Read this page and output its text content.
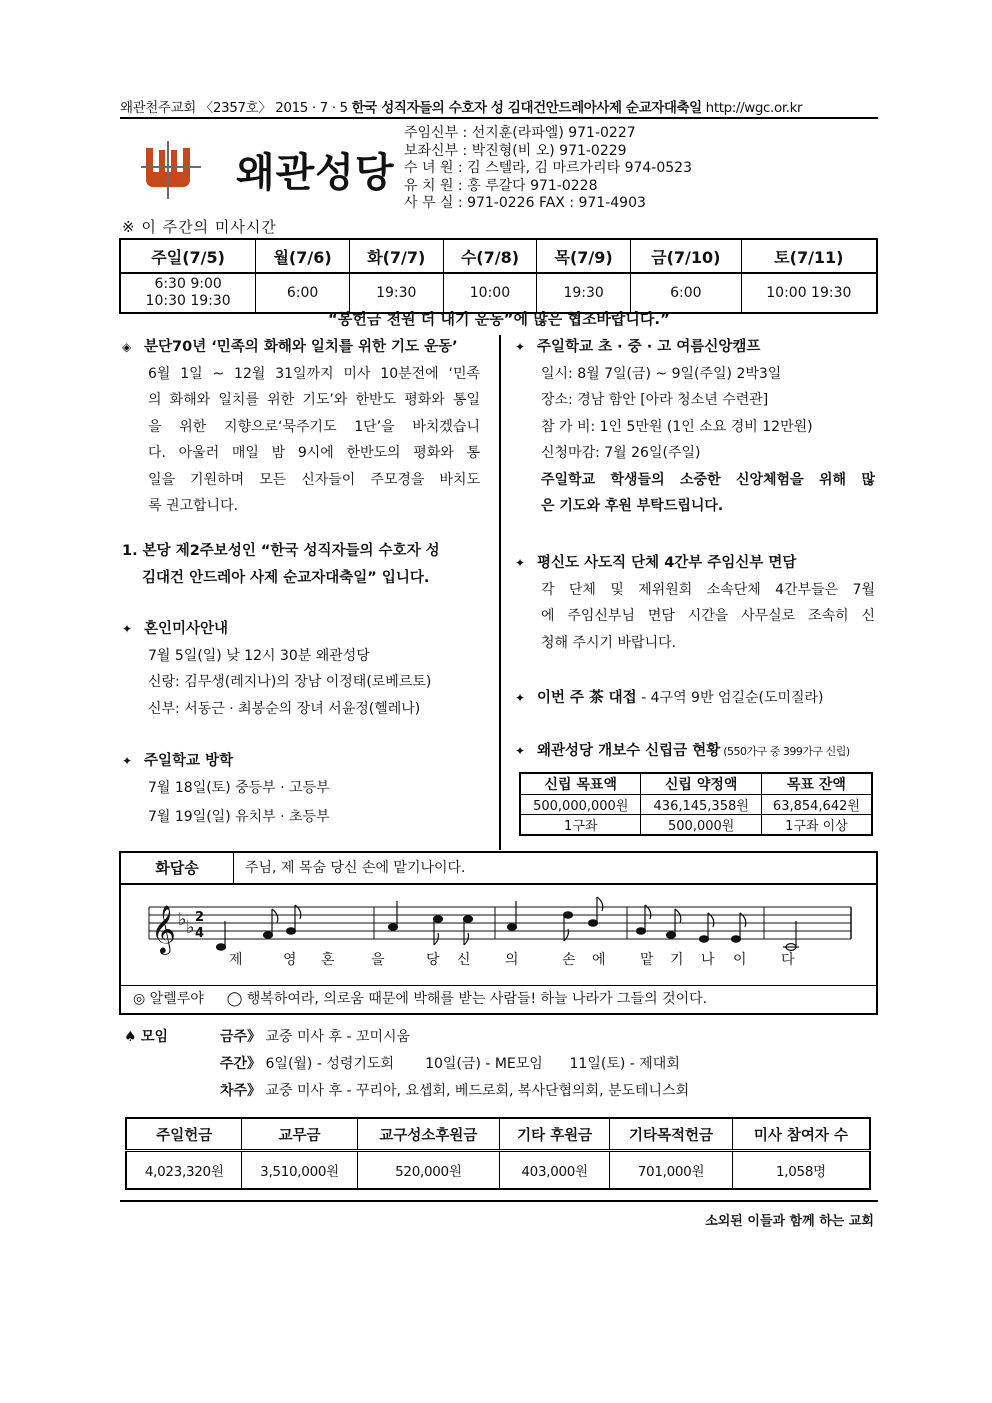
왜관천주교회 〈2357호〉 2015 · 7 · 5 한국 성직자들의 수호자 성 김대건안드레아사제 순교자대축일 http://wgc.or.kr
왜관성당
주임신부 : 선지훈(라파엘) 971-0227
보좌신부 : 박진형(비 오) 971-0229
수 녀 원 : 김 스텔라, 김 마르가리타 974-0523
유 치 원 : 홍 루갈다 971-0228
사 무 실 : 971-0226 FAX : 971-4903
※ 이 주간의 미사시간
주일(7/5)	월(7/6)	화(7/7)	수(7/8)	목(7/9)	금(7/10)	토(7/11)

6:30 9:00
10:30 19:30	6:00	19:30	10:00	19:30	6:00	10:00 19:30
“봉헌금 천원 더 내기 운동”에 많은 협조바랍니다.”

◈ 분단70년 ‘민족의 화해와 일치를 위한 기도 운동’

6월 1일 ~ 12월 31일까지 미사 10분전에 ‘민족

의 화해와 일치를 위한 기도’와 한반도 평화와 통일

을 위한 지향으로‘묵주기도 1단’을 바치겠습니

다. 아울러 매일 밤 9시에 한반도의 평화와 통

일을 기원하며 모든 신자들이 주모경을 바치도

록 권고합니다.

1. 본당 제2주보성인 “한국 성직자들의 수호자 성

김대건 안드레아 사제 순교자대축일” 입니다.

✦ 혼인미사안내

7월 5일(일) 낮 12시 30분 왜관성당

신랑: 김무생(레지나)의 장남 이정태(로베르토)

신부: 서동근 · 최봉순의 장녀 서윤정(헬레나)

✦ 주일학교 방학

7월 18일(토) 중등부 · 고등부

7월 19일(일) 유치부 · 초등부

✦ 주일학교 초 · 중 · 고 여름신앙캠프

일시: 8월 7일(금) ~ 9일(주일) 2박3일

장소: 경남 함안 [아라 청소년 수련관]

참 가 비: 1인 5만원 (1인 소요 경비 12만원)

신청마감: 7월 26일(주일)

주일학교 학생들의 소중한 신앙체험을 위해 많

은 기도와 후원 부탁드립니다.

✦ 평신도 사도직 단체 4간부 주임신부 면담

각 단체 및 제위원회 소속단체 4간부들은 7월

에 주임신부님 면담 시간을 사무실로 조속히 신

청해 주시기 바랍니다.

✦ 이번 주 茶 대접 - 4구역 9반 엄길순(도미질라)

✦ 왜관성당 개보수 신립금 현황 (550가구 중 399가구 신립)

신립 목표액	신립 약정액	목표 잔액
500,000,000원	436,145,358원	63,854,642원
1구좌	500,000원	1구좌 이상
화답송	주님, 제 목숨 당신 손에 맡기나이다.
𝄞 ♭ ♭ 2
4
제	영 혼	을	당 신 의	손 에 맡 기 나 이 다
◎ 알렐루야 ◯ 행복하여라, 의로움 때문에 박해를 받는 사람들! 하늘 나라가 그들의 것이다.
♠ 모임	금주》 교중 미사 후 - 꼬미시움
주간》 6일(월) - 성령기도회       10일(금) - ME모임      11일(토) - 제대회
차주》 교중 미사 후 - 꾸리아, 요셉회, 베드로회, 복사단협의회, 분도테니스회
주일헌금	교무금	교구성소후원금	기타 후원금	기타목적헌금	미사 참여자 수
4,023,320원	3,510,000원	520,000원	403,000원	701,000원	1,058명
소외된 이들과 함께 하는 교회
